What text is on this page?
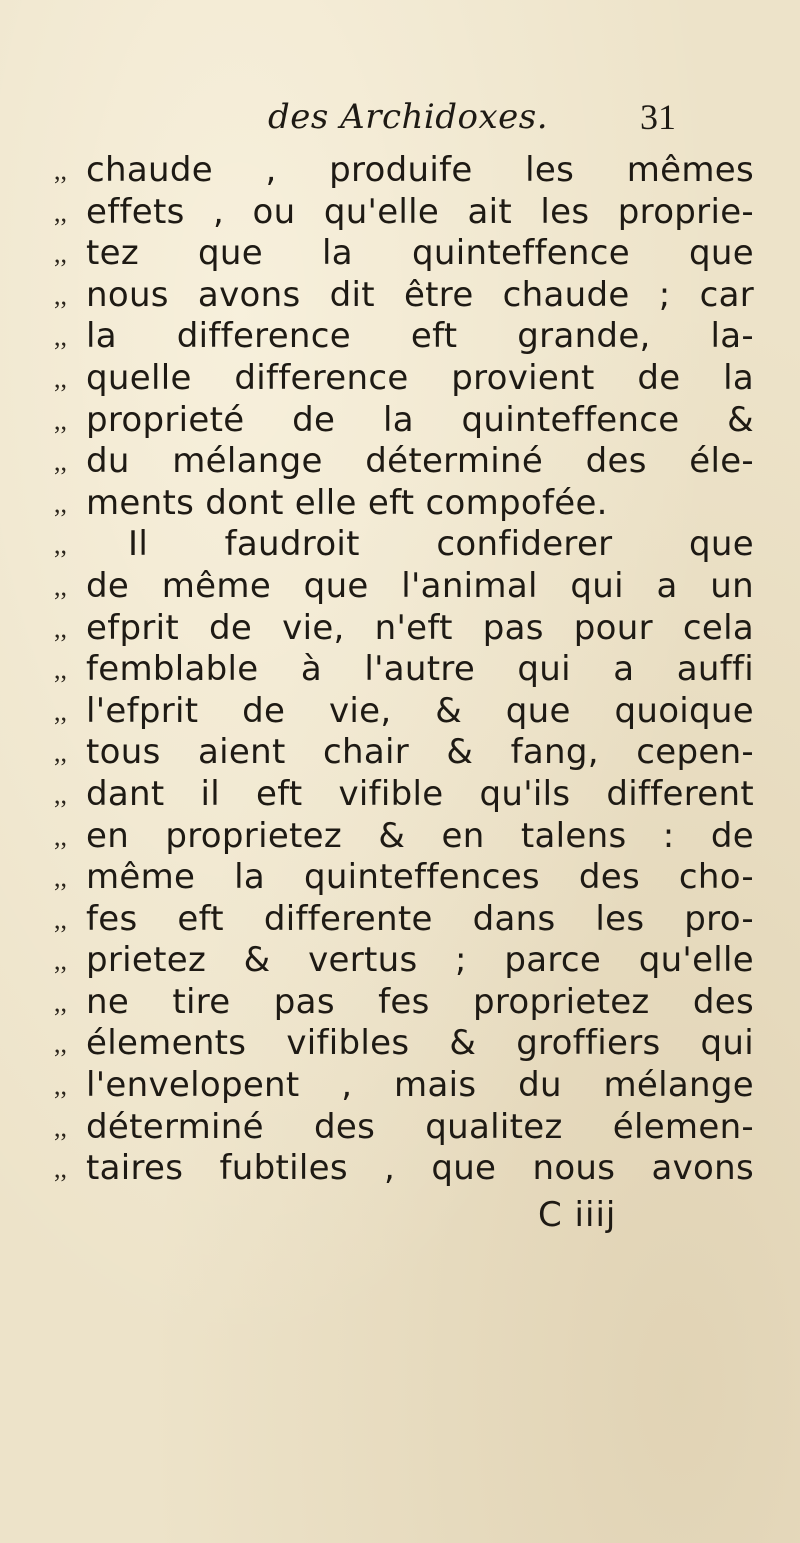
des Archidoxes.	31
,, chaude , produife les mêmes
,, effets , ou qu'elle ait les proprie-
,, tez que la quinteffence que
,, nous avons dit être chaude ; car
,, la difference eft grande, la-
,, quelle difference provient de la
,, proprieté de la quinteffence &
,, du mélange déterminé des éle-
,, ments dont elle eft compofée.
,,	Il faudroit confiderer que
,, de même que l'animal qui a un
,, efprit de vie, n'eft pas pour cela
,, femblable à l'autre qui a auffi
,, l'efprit de vie, & que quoique
,, tous aient chair & fang, cepen-
,, dant il eft vifible qu'ils different
,, en proprietez & en talens : de
,, même la quinteffences des cho-
,, fes eft differente dans les pro-
,, prietez & vertus ; parce qu'elle
,, ne tire pas fes proprietez des
,, élements vifibles & groffiers qui
,, l'envelopent , mais du mélange
,, déterminé des qualitez élemen-
,, taires fubtiles , que nous avons
C iiij
